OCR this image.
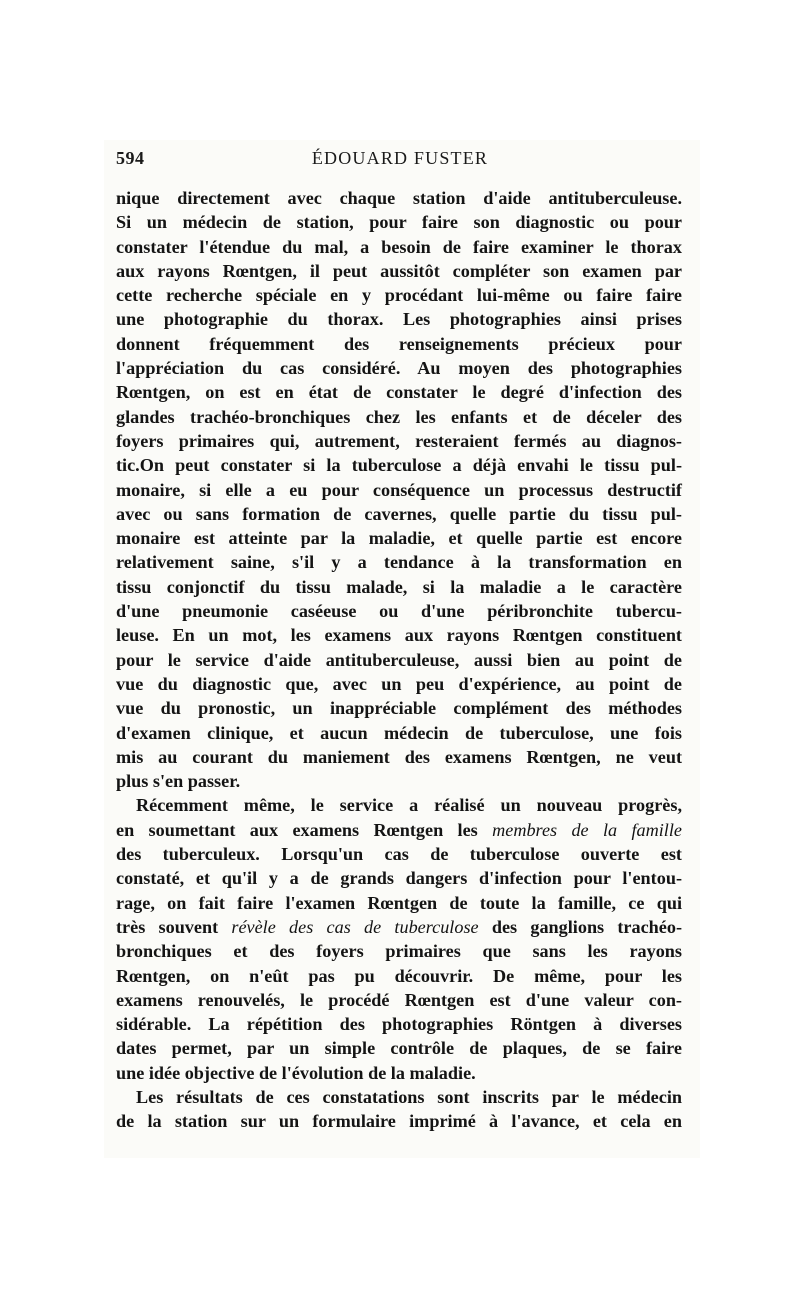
594	ÉDOUARD FUSTER
nique directement avec chaque station d'aide antituberculeuse.
Si un médecin de station, pour faire son diagnostic ou pour
constater l'étendue du mal, a besoin de faire examiner le thorax
aux rayons Rœntgen, il peut aussitôt compléter son examen par
cette recherche spéciale en y procédant lui-même ou faire faire
une photographie du thorax. Les photographies ainsi prises
donnent fréquemment des renseignements précieux pour
l'appréciation du cas considéré. Au moyen des photographies
Rœntgen, on est en état de constater le degré d'infection des
glandes trachéo-bronchiques chez les enfants et de déceler des
foyers primaires qui, autrement, resteraient fermés au diagnos-
tic.On peut constater si la tuberculose a déjà envahi le tissu pul-
monaire, si elle a eu pour conséquence un processus destructif
avec ou sans formation de cavernes, quelle partie du tissu pul-
monaire est atteinte par la maladie, et quelle partie est encore
relativement saine, s'il y a tendance à la transformation en
tissu conjonctif du tissu malade, si la maladie a le caractère
d'une pneumonie caséeuse ou d'une péribronchite tubercu-
leuse. En un mot, les examens aux rayons Rœntgen constituent
pour le service d'aide antituberculeuse, aussi bien au point de
vue du diagnostic que, avec un peu d'expérience, au point de
vue du pronostic, un inappréciable complément des méthodes
d'examen clinique, et aucun médecin de tuberculose, une fois
mis au courant du maniement des examens Rœntgen, ne veut
plus s'en passer.
Récemment même, le service a réalisé un nouveau progrès,
en soumettant aux examens Rœntgen les membres de la famille
des tuberculeux. Lorsqu'un cas de tuberculose ouverte est
constaté, et qu'il y a de grands dangers d'infection pour l'entou-
rage, on fait faire l'examen Rœntgen de toute la famille, ce qui
très souvent révèle des cas de tuberculose des ganglions trachéo-
bronchiques et des foyers primaires que sans les rayons
Rœntgen, on n'eût pas pu découvrir. De même, pour les
examens renouvelés, le procédé Rœntgen est d'une valeur con-
sidérable. La répétition des photographies Röntgen à diverses
dates permet, par un simple contrôle de plaques, de se faire
une idée objective de l'évolution de la maladie.
Les résultats de ces constatations sont inscrits par le médecin
de la station sur un formulaire imprimé à l'avance, et cela en
